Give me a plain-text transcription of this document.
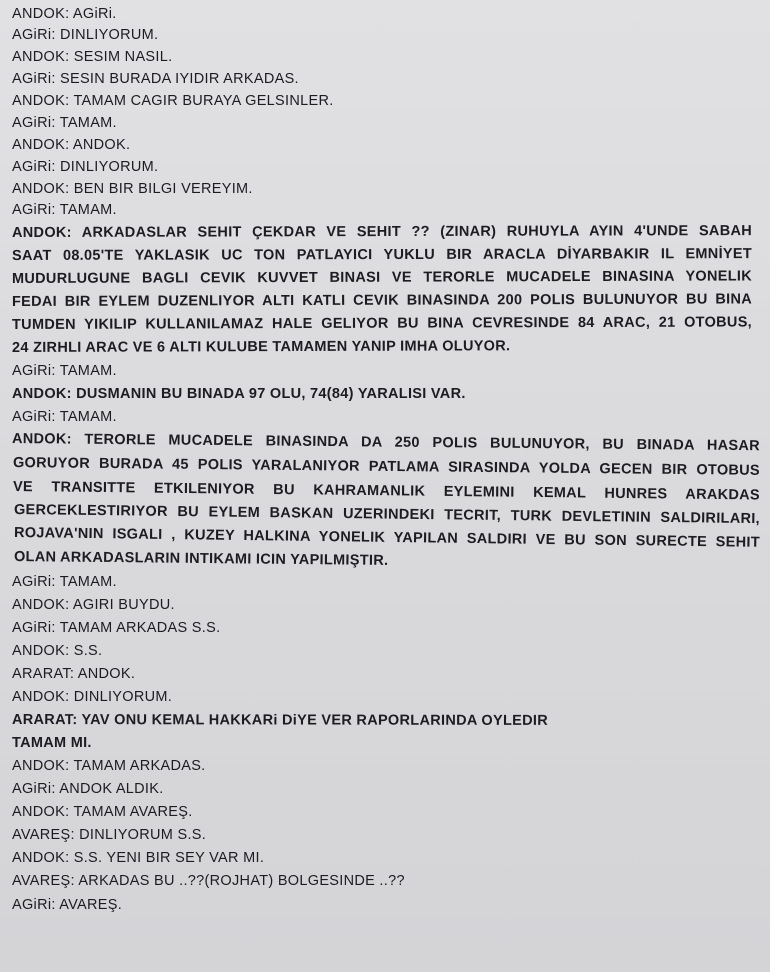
ANDOK: AGiRi.
AGiRi: DINLIYORUM.
ANDOK: SESIM NASIL.
AGiRi: SESIN BURADA IYIDIR ARKADAS.
ANDOK: TAMAM CAGIR BURAYA GELSINLER.
AGiRi: TAMAM.
ANDOK: ANDOK.
AGiRi: DINLIYORUM.
ANDOK: BEN BIR BILGI VEREYIM.
AGiRi: TAMAM.
ANDOK: ARKADASLAR SEHIT ÇEKDAR VE SEHIT ?? (ZINAR) RUHUYLA AYIN 4'UNDE SABAH
SAAT 08.05'TE YAKLASIK UC TON PATLAYICI YUKLU BIR ARACLA DİYARBAKIR IL EMNİYET
MUDURLUGUNE BAGLI CEVIK KUVVET BINASI VE TERORLE MUCADELE BINASINA YONELIK
FEDAI BIR EYLEM DUZENLIYOR ALTI KATLI CEVIK BINASINDA 200 POLIS BULUNUYOR BU BINA
TUMDEN YIKILIP KULLANILAMAZ HALE GELIYOR BU BINA CEVRESINDE 84 ARAC, 21 OTOBUS,
24 ZIRHLI ARAC VE 6 ALTI KULUBE TAMAMEN YANIP IMHA OLUYOR.
AGiRi: TAMAM.
ANDOK: DUSMANIN BU BINADA 97 OLU, 74(84) YARALISI VAR.
AGiRi: TAMAM.
ANDOK: TERORLE MUCADELE BINASINDA DA 250 POLIS BULUNUYOR, BU BINADA HASAR
GORUYOR BURADA 45 POLIS YARALANIYOR PATLAMA SIRASINDA YOLDA GECEN BIR OTOBUS
VE TRANSITTE ETKILENIYOR BU KAHRAMANLIK EYLEMINI KEMAL HUNRES ARAKDAS
GERCEKLESTIRIYOR BU EYLEM BASKAN UZERINDEKI TECRIT, TURK DEVLETININ SALDIRILARI,
ROJAVA'NIN ISGALI , KUZEY HALKINA YONELIK YAPILAN SALDIRI VE BU SON SURECTE SEHIT
OLAN ARKADASLARIN INTIKAMI ICIN YAPILMIŞTIR.
AGiRi: TAMAM.
ANDOK: AGIRI BUYDU.
AGiRi: TAMAM ARKADAS S.S.
ANDOK: S.S.
ARARAT: ANDOK.
ANDOK: DINLIYORUM.
ARARAT: YAV ONU KEMAL HAKKARi DiYE VER RAPORLARINDA OYLEDIR
TAMAM MI.
ANDOK: TAMAM ARKADAS.
AGiRi: ANDOK ALDIK.
ANDOK: TAMAM AVAREŞ.
AVAREŞ: DINLIYORUM S.S.
ANDOK: S.S. YENI BIR SEY VAR MI.
AVAREŞ: ARKADAS BU ..??(ROJHAT) BOLGESINDE ..??
AGiRi: AVAREŞ.
